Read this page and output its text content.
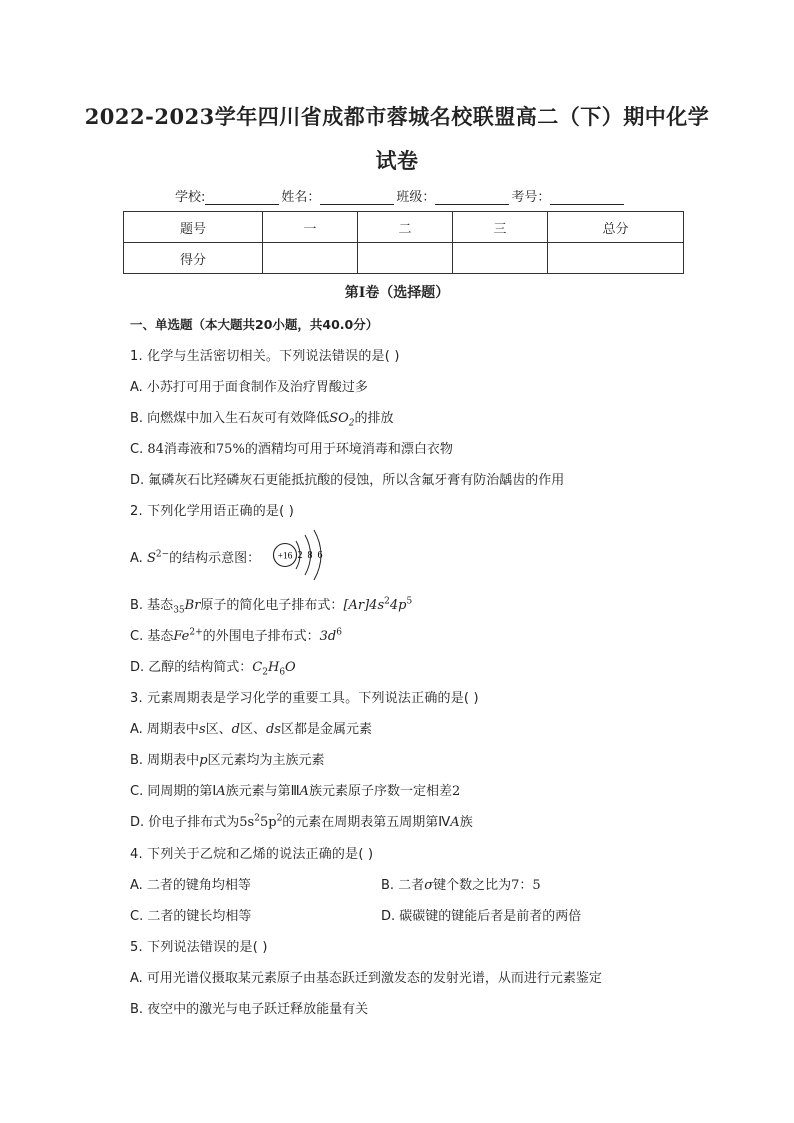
2022-2023学年四川省成都市蓉城名校联盟高二（下）期中化学
试卷
学校:	姓名：	班级：	考号：
题号	一	二	三	总分
得分				
第Ⅰ卷（选择题）
一、单选题（本大题共20小题，共40.0分）
1. 化学与生活密切相关。下列说法错误的是( )
A. 小苏打可用于面食制作及治疗胃酸过多
B. 向燃煤中加入生石灰可有效降低$SO_2$的排放
C. 84消毒液和75%的酒精均可用于环境消毒和漂白衣物
D. 氟磷灰石比羟磷灰石更能抵抗酸的侵蚀，所以含氟牙膏有防治龋齿的作用
2. 下列化学用语正确的是( )
A. $S^{2-}$的结构示意图： +16 2 8 6
B. 基态$_{35}$Br原子的简化电子排布式：$[Ar]4s^24p^5$
C. 基态$Fe^{2+}$的外围电子排布式：$3d^6$
D. 乙醇的结构简式：$C_2H_6O$
3. 元素周期表是学习化学的重要工具。下列说法正确的是( )
A. 周期表中s区、d区、ds区都是金属元素
B. 周期表中p区元素均为主族元素
C. 同周期的第ⅠA族元素与第ⅢA族元素原子序数一定相差2
D. 价电子排布式为$5s^25p^2$的元素在周期表第五周期第ⅣA族
4. 下列关于乙烷和乙烯的说法正确的是( )
A. 二者的键角均相等	B. 二者σ键个数之比为7：5
C. 二者的键长均相等	D. 碳碳键的键能后者是前者的两倍
5. 下列说法错误的是( )
A. 可用光谱仪摄取某元素原子由基态跃迁到激发态的发射光谱，从而进行元素鉴定
B. 夜空中的激光与电子跃迁释放能量有关
